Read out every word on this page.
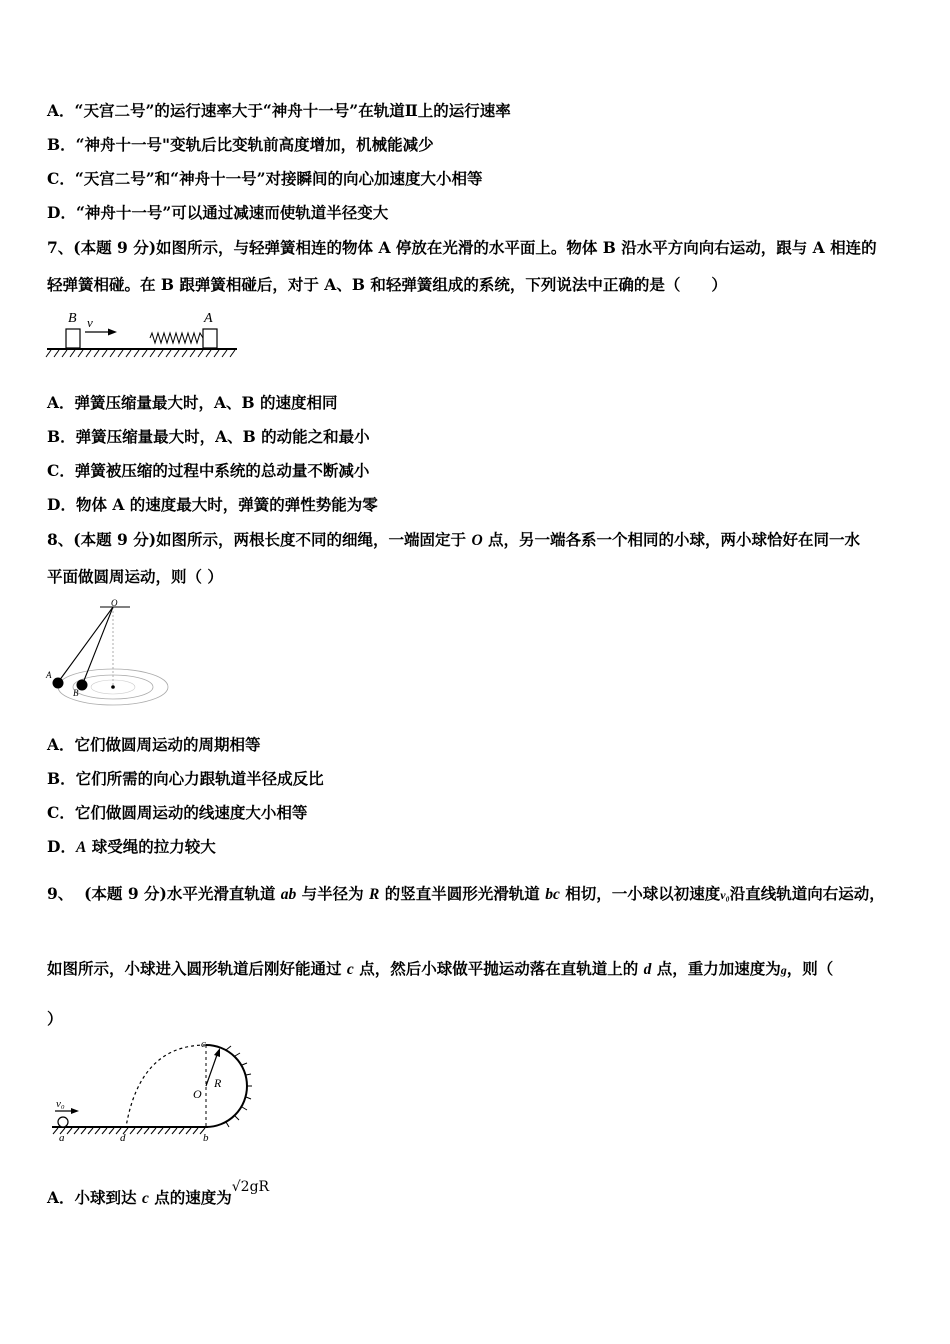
A．“天宫二号”的运行速率大于“神舟十一号”在轨道Ⅱ上的运行速率
B．“神舟十一号"变轨后比变轨前高度增加，机械能减少
C．“天宫二号”和“神舟十一号”对接瞬间的向心加速度大小相等
D．“神舟十一号”可以通过减速而使轨道半径变大
7、(本题 9 分)如图所示，与轻弹簧相连的物体 A 停放在光滑的水平面上。物体 B 沿水平方向向右运动，跟与 A 相连的
轻弹簧相碰。在 B 跟弹簧相碰后，对于 A、B 和轻弹簧组成的系统，下列说法中正确的是（　　）
B v	A
A．弹簧压缩量最大时，A、B 的速度相同
B．弹簧压缩量最大时，A、B 的动能之和最小
C．弹簧被压缩的过程中系统的总动量不断减小
D．物体 A 的速度最大时，弹簧的弹性势能为零
8、(本题 9 分)如图所示，两根长度不同的细绳，一端固定于 O 点，另一端各系一个相同的小球，两小球恰好在同一水
平面做圆周运动，则（ ）
O
A
B
A．它们做圆周运动的周期相等
B．它们所需的向心力跟轨道半径成反比
C．它们做圆周运动的线速度大小相等
D．A 球受绳的拉力较大
9、 (本题 9 分)水平光滑直轨道 ab 与半径为 R 的竖直半圆形光滑轨道 bc 相切，一小球以初速度v₀沿直线轨道向右运动，
如图所示，小球进入圆形轨道后刚好能通过 c 点，然后小球做平抛运动落在直轨道上的 d 点，重力加速度为g，则（
）
v₀
a	d	b
c
O
R
A．小球到达 c 点的速度为√2gR
